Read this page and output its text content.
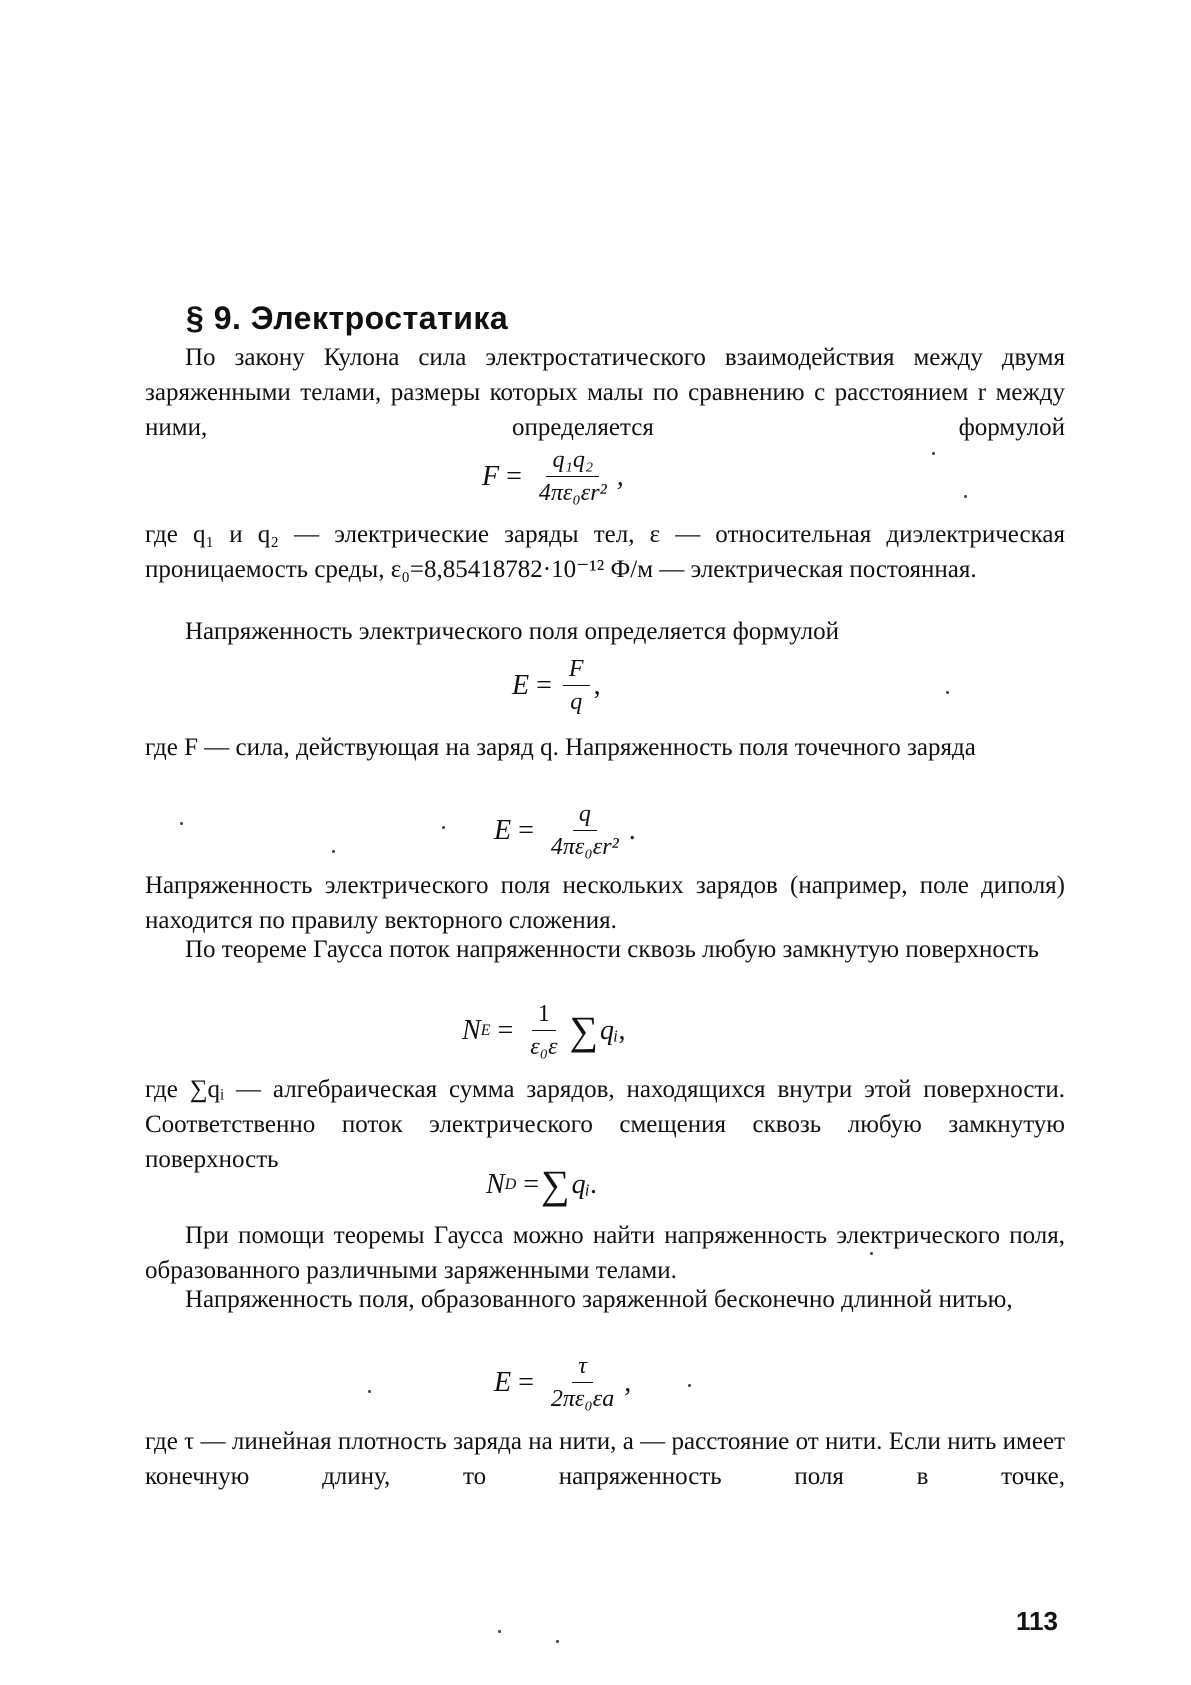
§ 9. Электростатика
По закону Кулона сила электростатического взаимодействия между двумя заряженными телами, размеры которых малы по сравнению с расстоянием r между ними, определяется формулой
$F = \frac{\text{q₁q₂}}{\text{4πε₀εr²}}$ ,
где q₁ и q₂ — электрические заряды тел, ε — относительная диэлектрическая проницаемость среды, ε₀=8,85418782·10⁻¹² Ф/м — электрическая постоянная.
Напряженность электрического поля определяется формулой
$E = \frac{F}{q}$ ,
где F — сила, действующая на заряд q. Напряженность поля точечного заряда
$E = \frac{q}{\text{4πε₀εr²}}$ .
Напряженность электрического поля нескольких зарядов (например, поле диполя) находится по правилу векторного сложения.
По теореме Гаусса поток напряженности сквозь любую замкнутую поверхность
N $E = \frac{1}{\text{ε₀ε}}$ ∑ qᵢ ,
где ∑qᵢ — алгебраическая сумма зарядов, находящихся внутри этой поверхности. Соответственно поток электрического смещения сквозь любую замкнутую поверхность
N D = ∑ qᵢ .
При помощи теоремы Гаусса можно найти напряженность электрического поля, образованного различными заряженными телами.
Напряженность поля, образованного заряженной бесконечно длинной нитью,
$E = \frac{\tau}{\text{2πε₀εa}}$ ,
где τ — линейная плотность заряда на нити, a — расстояние от нити. Если нить имеет конечную длину, то напряженность поля в точке,
113
